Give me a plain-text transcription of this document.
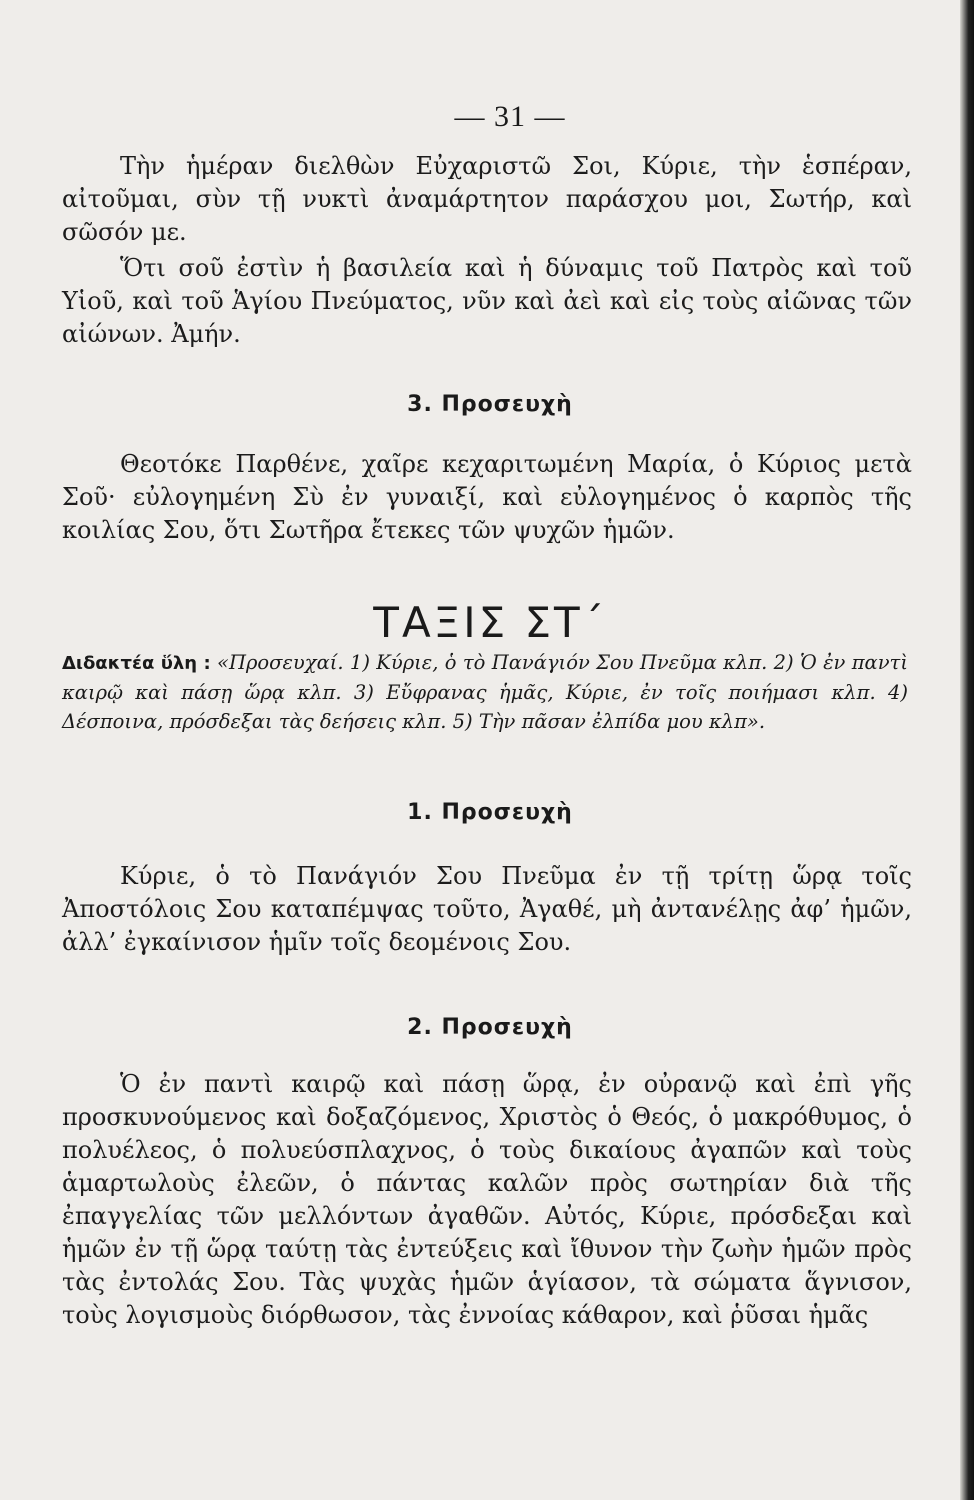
— 31 —

Τὴν ἡμέραν διελθὼν Εὐχαριστῶ Σοι, Κύριε, τὴν ἑσπέραν, αἰτοῦμαι, σὺν τῇ νυκτὶ ἀναμάρτητον παράσχου μοι, Σωτήρ, καὶ σῶσόν με.

Ὅτι σοῦ ἐστὶν ἡ βασιλεία καὶ ἡ δύναμις τοῦ Πατρὸς καὶ τοῦ Υἱοῦ, καὶ τοῦ Ἁγίου Πνεύματος, νῦν καὶ ἀεὶ καὶ εἰς τοὺς αἰῶνας τῶν αἰώνων. Ἀμήν.

3. Προσευχὴ

Θεοτόκε Παρθένε, χαῖρε κεχαριτωμένη Μαρία, ὁ Κύριος μετὰ Σοῦ· εὐλογημένη Σὺ ἐν γυναιξί, καὶ εὐλογημένος ὁ καρπὸς τῆς κοιλίας Σου, ὅτι Σωτῆρα ἔτεκες τῶν ψυχῶν ἡμῶν.

ΤΑΞΙΣ ΣΤ΄

Διδακτέα ὕλη : «Προσευχαί. 1) Κύριε, ὁ τὸ Πανάγιόν Σου Πνεῦμα κλπ. 2) Ὁ ἐν παντὶ καιρῷ καὶ πάσῃ ὥρᾳ κλπ. 3) Εὔφρανας ἡμᾶς, Κύριε, ἐν τοῖς ποιήμασι κλπ. 4) Δέσποινα, πρόσδεξαι τὰς δεήσεις κλπ. 5) Τὴν πᾶσαν ἐλπίδα μου κλπ».

1. Προσευχὴ

Κύριε, ὁ τὸ Πανάγιόν Σου Πνεῦμα ἐν τῇ τρίτῃ ὥρᾳ τοῖς Ἀποστόλοις Σου καταπέμψας τοῦτο, Ἀγαθέ, μὴ ἀντανέλῃς ἀφ’ ἡμῶν, ἀλλ’ ἐγκαίνισον ἡμῖν τοῖς δεομένοις Σου.

2. Προσευχὴ

Ὁ ἐν παντὶ καιρῷ καὶ πάσῃ ὥρᾳ, ἐν οὐρανῷ καὶ ἐπὶ γῆς προσκυνούμενος καὶ δοξαζόμενος, Χριστὸς ὁ Θεός, ὁ μακρόθυμος, ὁ πολυέλεος, ὁ πολυεύσπλαχνος, ὁ τοὺς δικαίους ἀγαπῶν καὶ τοὺς ἁμαρτωλοὺς ἐλεῶν, ὁ πάντας καλῶν πρὸς σωτηρίαν διὰ τῆς ἐπαγγελίας τῶν μελλόντων ἀγαθῶν. Αὐτός, Κύριε, πρόσδεξαι καὶ ἡμῶν ἐν τῇ ὥρᾳ ταύτῃ τὰς ἐντεύξεις καὶ ἴθυνον τὴν ζωὴν ἡμῶν πρὸς τὰς ἐντολάς Σου. Τὰς ψυχὰς ἡμῶν ἁγίασον, τὰ σώματα ἅγνισον, τοὺς λογισμοὺς διόρθωσον, τὰς ἐννοίας κάθαρον, καὶ ῥῦσαι ἡμᾶς
